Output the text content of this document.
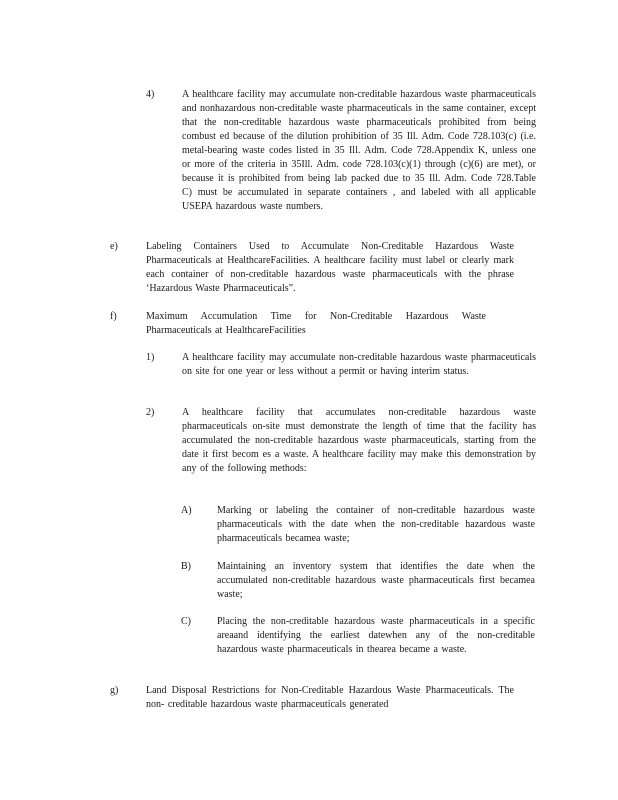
4)	A healthcare facility may accumulate non-creditable hazardous waste pharmaceuticals and nonhazardous non-creditable waste pharmaceuticals in the same container, except that the non-creditable hazardous waste pharmaceuticals prohibited from being combust ed because of the dilution prohibition of 35 Ill. Adm. Code 728.103(c) (i.e. metal-bearing waste codes listed in 35 Ill. Adm. Code 728.Appendix K, unless one or more of the criteria in 35Ill. Adm. code 728.103(c)(1) through (c)(6) are met), or because it is prohibited from being lab packed due to 35 Ill. Adm. Code 728.Table C) must be accumulated in separate containers , and labeled with all applicable USEPA hazardous waste numbers.
e)	Labeling Containers Used to Accumulate Non-Creditable Hazardous Waste Pharmaceuticals at HealthcareFacilities. A healthcare facility must label or clearly mark each container of non-creditable hazardous waste pharmaceuticals with the phrase ‘Hazardous Waste Pharmaceuticals”.
f)	Maximum Accumulation Time for Non-Creditable Hazardous Waste Pharmaceuticals at HealthcareFacilities
1)	A healthcare facility may accumulate non-creditable hazardous waste pharmaceuticals on site for one year or less without a permit or having interim status.
2)	A healthcare facility that accumulates non-creditable hazardous waste pharmaceuticals on-site must demonstrate the length of time that the facility has accumulated the non-creditable hazardous waste pharmaceuticals, starting from the date it first becom es a waste. A healthcare facility may make this demonstration by any of the following methods:
A)	Marking or labeling the container of non-creditable hazardous waste pharmaceuticals with the date when the non-creditable hazardous waste pharmaceuticals becamea waste;
B)	Maintaining an inventory system that identifies the date when the accumulated non-creditable hazardous waste pharmaceuticals first becamea waste;
C)	Placing the non-creditable hazardous waste pharmaceuticals in a specific areaand identifying the earliest datewhen any of the non-creditable hazardous waste pharmaceuticals in thearea became a waste.
g)	Land Disposal Restrictions for Non-Creditable Hazardous Waste Pharmaceuticals. The non- creditable hazardous waste pharmaceuticals generated
